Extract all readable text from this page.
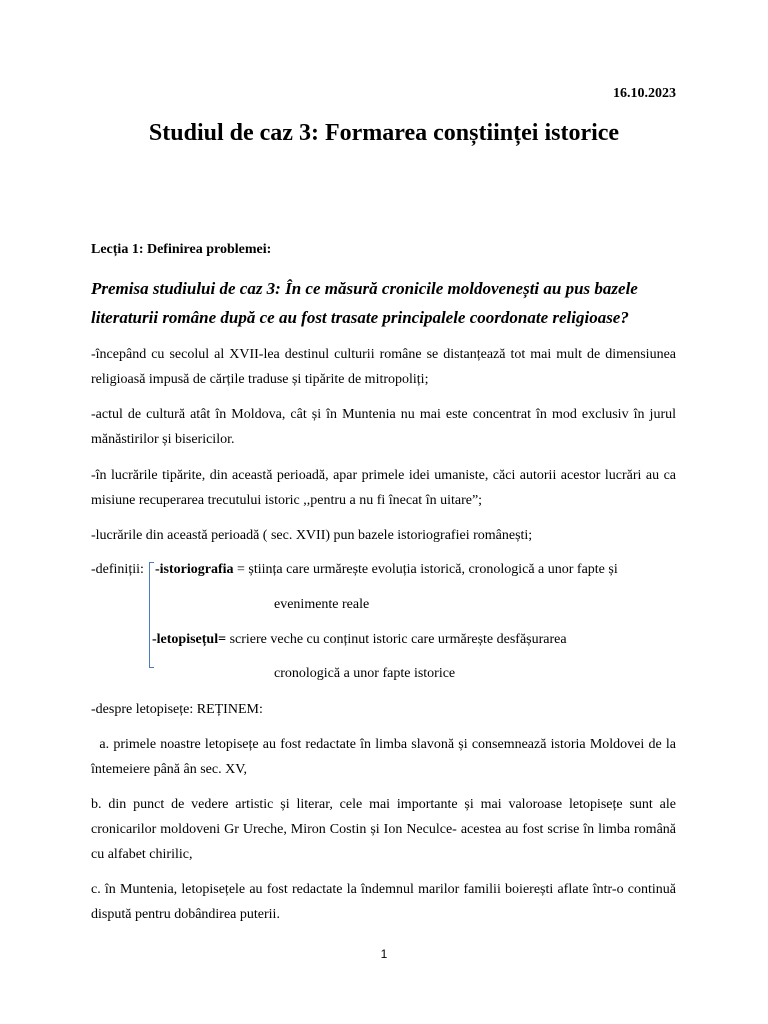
16.10.2023
Studiul de caz 3: Formarea conștiinței istorice
Lecția 1: Definirea problemei:
Premisa studiului de caz 3: În ce măsură cronicile moldovenești au pus bazele literaturii române după ce au fost trasate principalele coordonate religioase?
-începând cu secolul al XVII-lea destinul culturii române se distanțează tot mai mult de dimensiunea religioasă impusă de cărțile traduse și tipărite de mitropoliți;
-actul de cultură atât în Moldova, cât și în Muntenia nu mai este concentrat în mod exclusiv în jurul mănăstirilor și bisericilor.
-în lucrările tipărite, din această perioadă, apar primele idei umaniste, căci autorii acestor lucrări au ca misiune recuperarea trecutului istoric ,,pentru a nu fi înecat în uitare”;
-lucrările din această perioadă ( sec. XVII) pun bazele istoriografiei românești;
-definiții: -istoriografia = știința care urmărește evoluția istorică, cronologică a unor fapte și
evenimente reale
-letopisețul= scriere veche cu conținut istoric care urmărește desfășurarea
cronologică a unor fapte istorice
-despre letopisețe: REȚINEM:
a. primele noastre letopisețe au fost redactate în limba slavonă și consemnează istoria Moldovei de la întemeiere până ân sec. XV,
b. din punct de vedere artistic și literar, cele mai importante și mai valoroase letopisețe sunt ale cronicarilor moldoveni Gr Ureche, Miron Costin și Ion Neculce- acestea au fost scrise în limba română cu alfabet chirilic,
c. în Muntenia, letopisețele au fost redactate la îndemnul marilor familii boierești aflate într-o continuă dispută pentru dobândirea puterii.
1
